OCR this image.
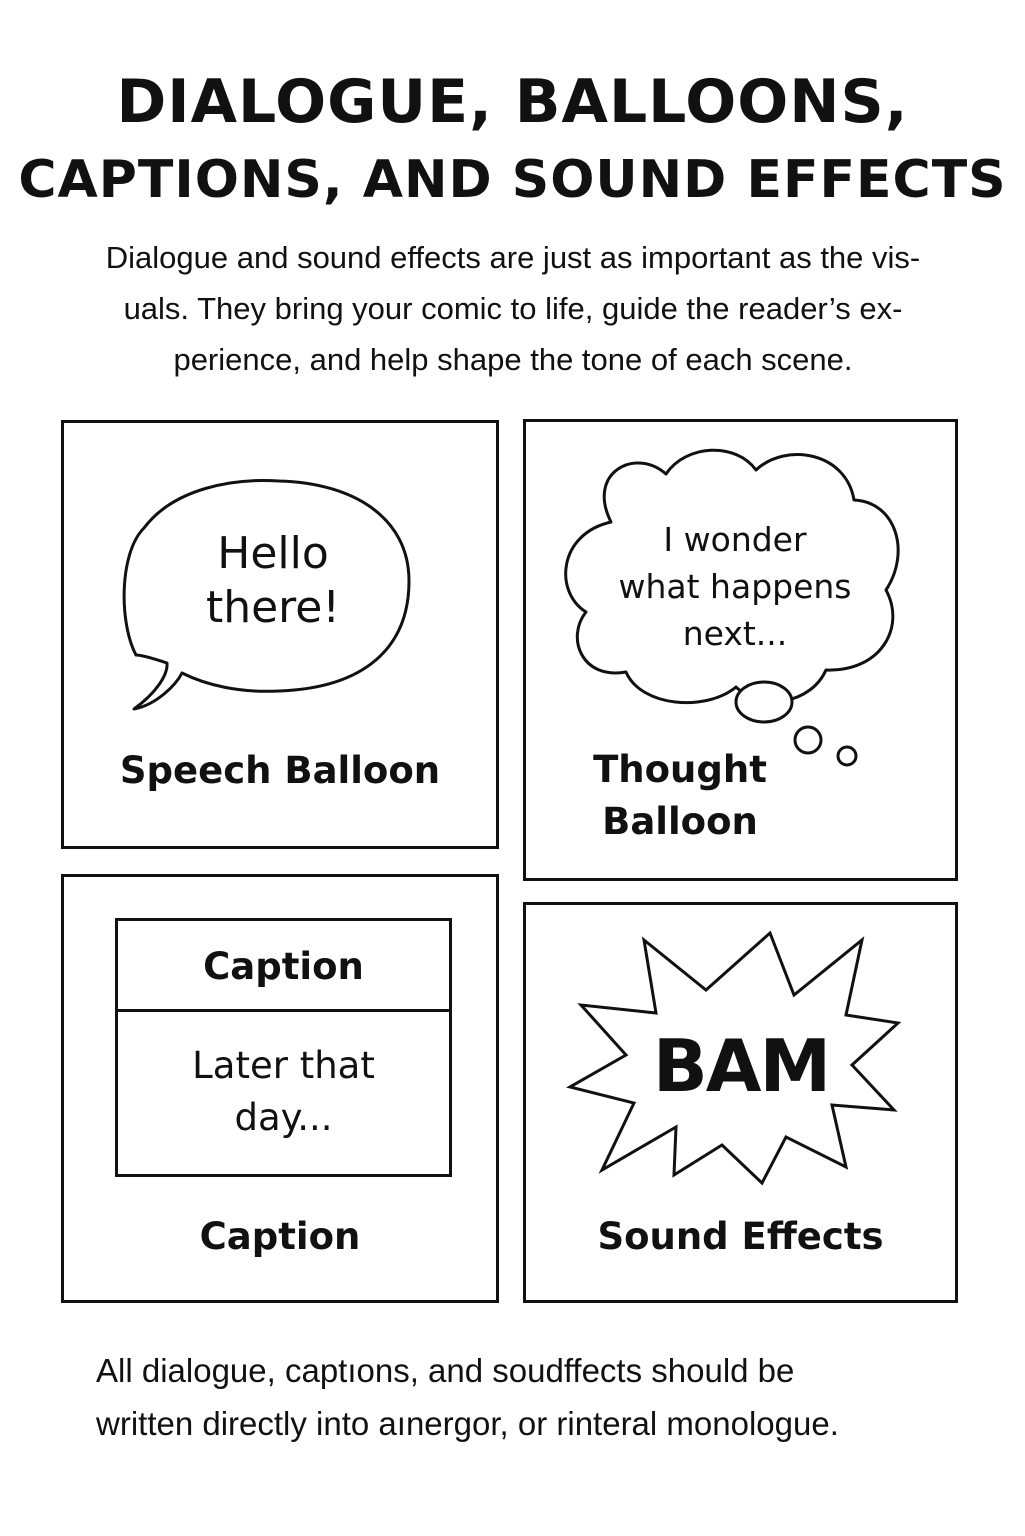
DIALOGUE, BALLOONS,
CAPTIONS, AND SOUND EFFECTS

Dialogue and sound effects are just as important as the vis-
uals. They bring your comic to life, guide the reader’s ex-
perience, and help shape the tone of each scene.

Hello
there!

Speech Balloon

I wonder
what happens
next...

Thought
Balloon

Caption
Later that
day...

Caption

BAM

Sound Effects

All dialogue, captıons, and soudffects should be
written directly into aınergor, or rinteral monologue.
